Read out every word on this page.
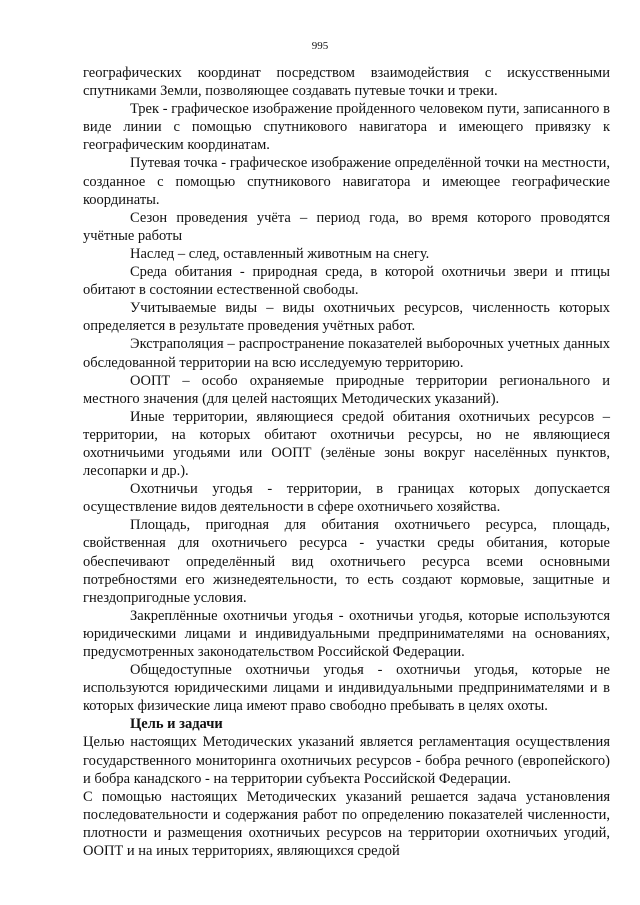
995

географических координат посредством взаимодействия с искусственными спутниками Земли, позволяющее создавать путевые точки и треки.

Трек - графическое изображение пройденного человеком пути, записанного в виде линии с помощью спутникового навигатора и имеющего привязку к географическим координатам.

Путевая точка - графическое изображение определённой точки на местности, созданное с помощью спутникового навигатора и имеющее географические координаты.

Сезон проведения учёта – период года, во время которого проводятся учётные работы

Наслед – след, оставленный животным на снегу.

Среда обитания - природная среда, в которой охотничьи звери и птицы обитают в состоянии естественной свободы.

Учитываемые виды – виды охотничьих ресурсов, численность которых определяется в результате проведения учётных работ.

Экстраполяция – распространение показателей выборочных учетных данных обследованной территории на всю исследуемую территорию.

ООПТ – особо охраняемые природные территории регионального и местного значения (для целей настоящих Методических указаний).

Иные территории, являющиеся средой обитания охотничьих ресурсов – территории, на которых обитают охотничьи ресурсы, но не являющиеся охотничьими угодьями или ООПТ (зелёные зоны вокруг населённых пунктов, лесопарки и др.).

Охотничьи угодья - территории, в границах которых допускается осуществление видов деятельности в сфере охотничьего хозяйства.

Площадь, пригодная для обитания охотничьего ресурса, площадь, свойственная для охотничьего ресурса - участки среды обитания, которые обеспечивают определённый вид охотничьего ресурса всеми основными потребностями его жизнедеятельности, то есть создают кормовые, защитные и гнездопригодные условия.

Закреплённые охотничьи угодья - охотничьи угодья, которые используются юридическими лицами и индивидуальными предпринимателями на основаниях, предусмотренных законодательством Российской Федерации.

Общедоступные охотничьи угодья - охотничьи угодья, которые не используются юридическими лицами и индивидуальными предпринимателями и в которых физические лица имеют право свободно пребывать в целях охоты.

Цель и задачи

Целью настоящих Методических указаний является регламентация осуществления государственного мониторинга охотничьих ресурсов - бобра речного (европейского) и бобра канадского - на территории субъекта Российской Федерации.

С помощью настоящих Методических указаний решается задача установления последовательности и содержания работ по определению показателей численности, плотности и размещения охотничьих ресурсов на территории охотничьих угодий, ООПТ и на иных территориях, являющихся средой
